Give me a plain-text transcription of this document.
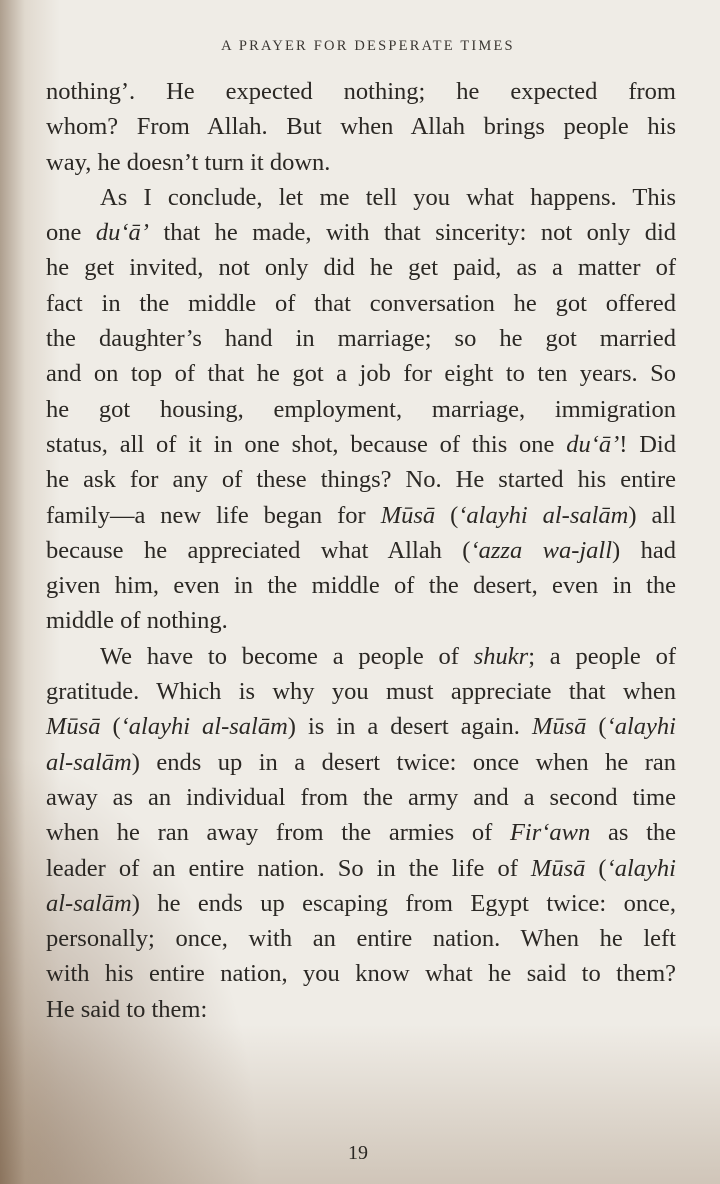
A PRAYER FOR DESPERATE TIMES
nothing’. He expected nothing; he expected from
whom? From Allah. But when Allah brings people his
way, he doesn’t turn it down.
As I conclude, let me tell you what happens. This
one du‘ā’ that he made, with that sincerity: not only did
he get invited, not only did he get paid, as a matter of
fact in the middle of that conversation he got offered
the daughter’s hand in marriage; so he got married
and on top of that he got a job for eight to ten years. So
he got housing, employment, marriage, immigration
status, all of it in one shot, because of this one du‘ā’! Did
he ask for any of these things? No. He started his entire
family—a new life began for Mūsā (‘alayhi al-salām) all
because he appreciated what Allah (‘azza wa-jall) had
given him, even in the middle of the desert, even in the
middle of nothing.
We have to become a people of shukr; a people of
gratitude. Which is why you must appreciate that when
Mūsā (‘alayhi al-salām) is in a desert again. Mūsā (‘alayhi
al-salām) ends up in a desert twice: once when he ran
away as an individual from the army and a second time
when he ran away from the armies of Fir‘awn as the
leader of an entire nation. So in the life of Mūsā (‘alayhi
al-salām) he ends up escaping from Egypt twice: once,
personally; once, with an entire nation. When he left
with his entire nation, you know what he said to them?
He said to them:
19
